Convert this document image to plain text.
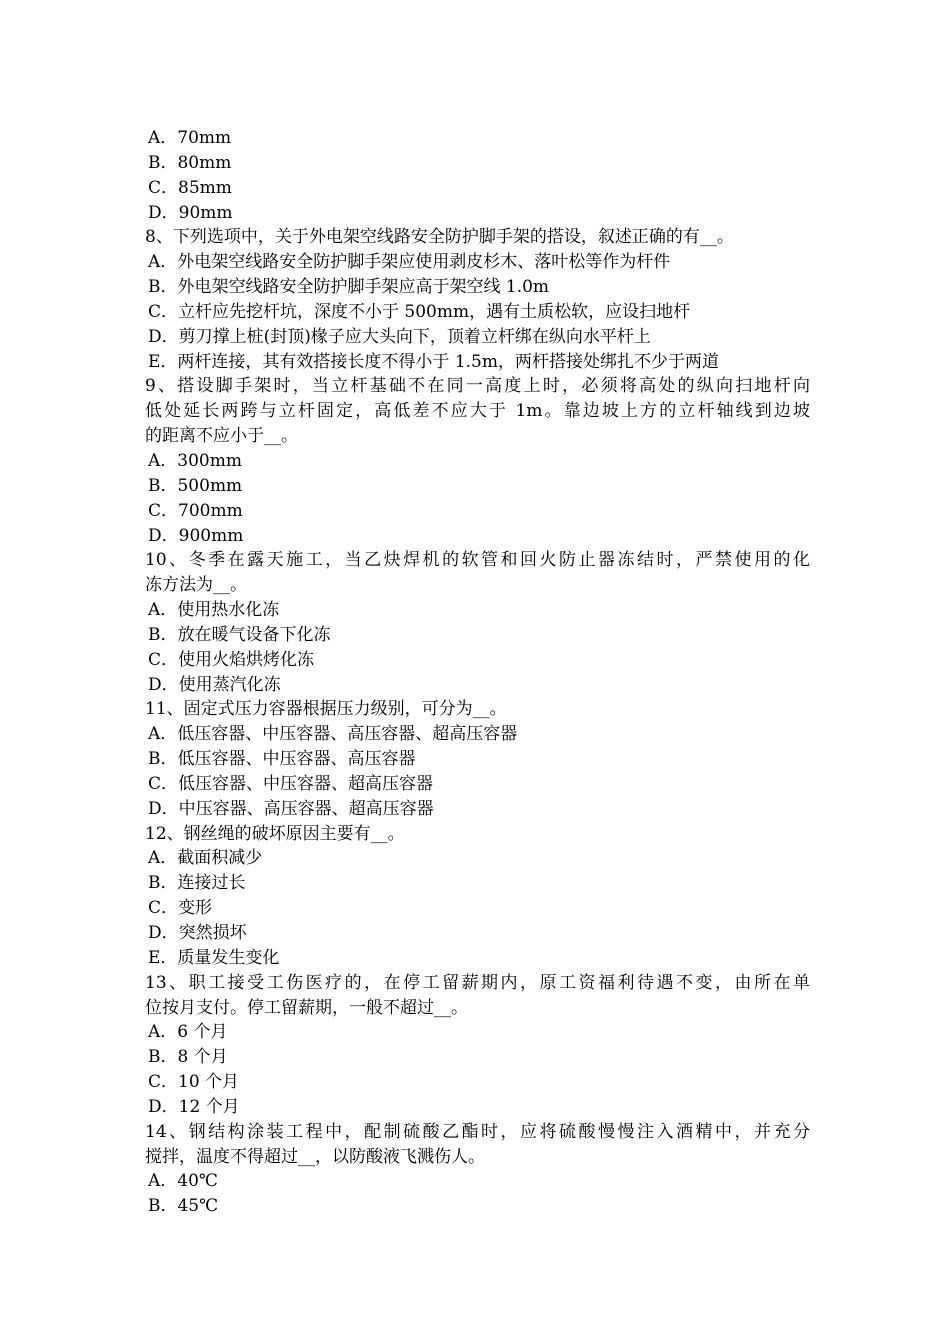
A．70mm
B．80mm
C．85mm
D．90mm
8、下列选项中，关于外电架空线路安全防护脚手架的搭设，叙述正确的有__。
A．外电架空线路安全防护脚手架应使用剥皮杉木、落叶松等作为杆件
B．外电架空线路安全防护脚手架应高于架空线 1.0m
C．立杆应先挖杆坑，深度不小于 500mm，遇有土质松软，应设扫地杆
D．剪刀撑上桩(封顶)椽子应大头向下，顶着立杆绑在纵向水平杆上
E．两杆连接，其有效搭接长度不得小于 1.5m，两杆搭接处绑扎不少于两道
9、搭设脚手架时，当立杆基础不在同一高度上时，必须将高处的纵向扫地杆向
低处延长两跨与立杆固定，高低差不应大于 1m。靠边坡上方的立杆轴线到边坡
的距离不应小于__。
A．300mm
B．500mm
C．700mm
D．900mm
10、冬季在露天施工，当乙炔焊机的软管和回火防止器冻结时，严禁使用的化
冻方法为__。
A．使用热水化冻
B．放在暖气设备下化冻
C．使用火焰烘烤化冻
D．使用蒸汽化冻
11、固定式压力容器根据压力级别，可分为__。
A．低压容器、中压容器、高压容器、超高压容器
B．低压容器、中压容器、高压容器
C．低压容器、中压容器、超高压容器
D．中压容器、高压容器、超高压容器
12、钢丝绳的破坏原因主要有__。
A．截面积减少
B．连接过长
C．变形
D．突然损坏
E．质量发生变化
13、职工接受工伤医疗的，在停工留薪期内，原工资福利待遇不变，由所在单
位按月支付。停工留薪期，一般不超过__。
A．6 个月
B．8 个月
C．10 个月
D．12 个月
14、钢结构涂装工程中，配制硫酸乙酯时，应将硫酸慢慢注入酒精中，并充分
搅拌，温度不得超过__，以防酸液飞溅伤人。
A．40℃
B．45℃
